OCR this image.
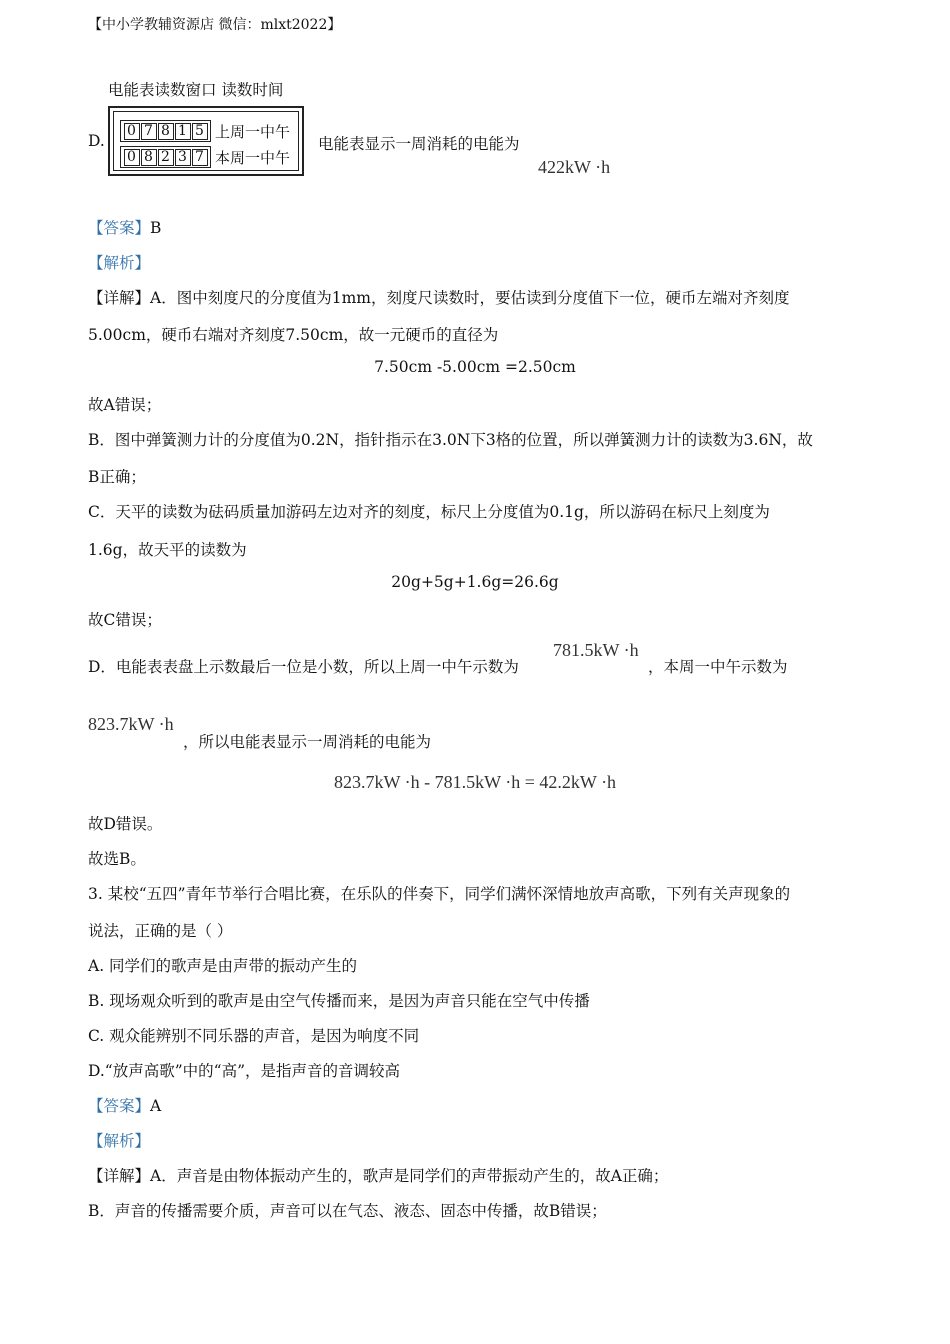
【中小学教辅资源店 微信：mlxt2022】
电能表读数窗口 读数时间
D.
0 7 8 1 5 上周一中午
0 8 2 3 7 本周一中午
电能表显示一周消耗的电能为
422kW ·h
【答案】B
【解析】
【详解】A．图中刻度尺的分度值为1mm，刻度尺读数时，要估读到分度值下一位，硬币左端对齐刻度
5.00cm，硬币右端对齐刻度7.50cm，故一元硬币的直径为
7.50cm -5.00cm =2.50cm
故A错误；
B．图中弹簧测力计的分度值为0.2N，指针指示在3.0N下3格的位置，所以弹簧测力计的读数为3.6N，故
B正确；
C．天平的读数为砝码质量加游码左边对齐的刻度，标尺上分度值为0.1g，所以游码在标尺上刻度为
1.6g，故天平的读数为
20g+5g+1.6g=26.6g
故C错误；
D．电能表表盘上示数最后一位是小数，所以上周一中午示数为
781.5kW ·h
，本周一中午示数为
823.7kW ·h
，所以电能表显示一周消耗的电能为
823.7kW ·h - 781.5kW ·h = 42.2kW ·h
故D错误。
故选B。
3. 某校“五四”青年节举行合唱比赛，在乐队的伴奏下，同学们满怀深情地放声高歌，下列有关声现象的
说法，正确的是（ ）
A. 同学们的歌声是由声带的振动产生的
B. 现场观众听到的歌声是由空气传播而来，是因为声音只能在空气中传播
C. 观众能辨别不同乐器的声音，是因为响度不同
D.“放声高歌”中的“高”，是指声音的音调较高
【答案】A
【解析】
【详解】A．声音是由物体振动产生的，歌声是同学们的声带振动产生的，故A正确；
B．声音的传播需要介质，声音可以在气态、液态、固态中传播，故B错误；
